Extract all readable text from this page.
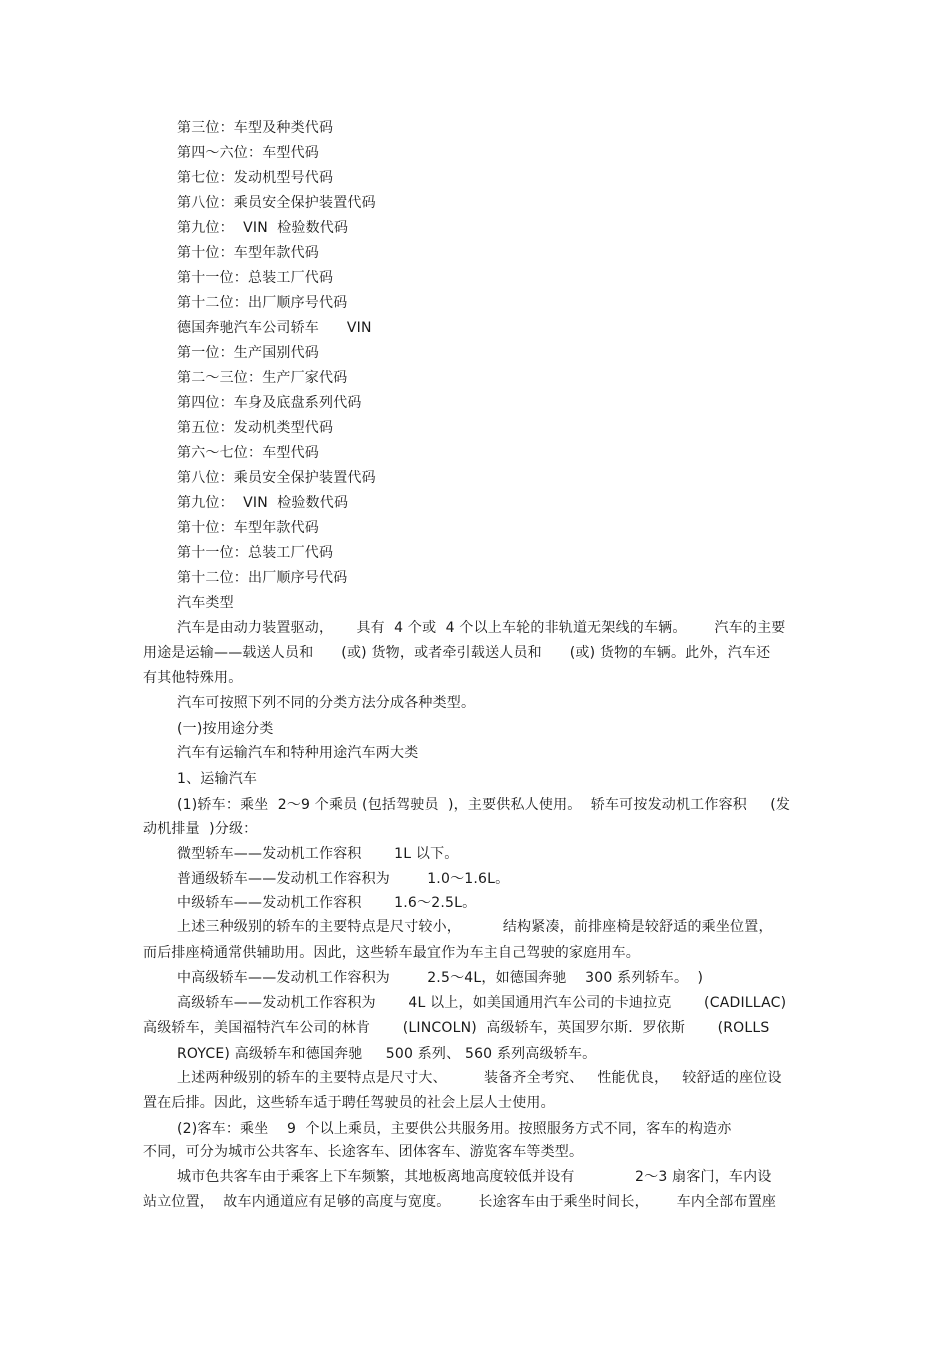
第三位：车型及种类代码
第四～六位：车型代码
第七位：发动机型号代码
第八位：乘员安全保护装置代码
第九位：  VIN  检验数代码
第十位：车型年款代码
第十一位：总装工厂代码
第十二位：出厂顺序号代码
德国奔驰汽车公司轿车      VIN
第一位：生产国别代码
第二～三位：生产厂家代码
第四位：车身及底盘系列代码
第五位：发动机类型代码
第六～七位：车型代码
第八位：乘员安全保护装置代码
第九位：  VIN  检验数代码
第十位：车型年款代码
第十一位：总装工厂代码
第十二位：出厂顺序号代码
汽车类型
汽车是由动力装置驱动，     具有  4 个或  4 个以上车轮的非轨道无架线的车辆。      汽车的主要
用途是运输——载送人员和      (或) 货物，或者牵引载送人员和      (或) 货物的车辆。此外，汽车还
有其他特殊用。
汽车可按照下列不同的分类方法分成各种类型。
(一)按用途分类
汽车有运输汽车和特种用途汽车两大类
1、运输汽车
(1)轿车：乘坐  2～9 个乘员 (包括驾驶员  )，主要供私人使用。  轿车可按发动机工作容积     (发
动机排量  )分级：
微型轿车——发动机工作容积       1L 以下。
普通级轿车——发动机工作容积为        1.0～1.6L。
中级轿车——发动机工作容积       1.6～2.5L。
上述三种级别的轿车的主要特点是尺寸较小，         结构紧凑，前排座椅是较舒适的乘坐位置，
而后排座椅通常供辅助用。因此，这些轿车最宜作为车主自己驾驶的家庭用车。
中高级轿车——发动机工作容积为        2.5～4L，如德国奔驰    300 系列轿车。  )
高级轿车——发动机工作容积为       4L 以上，如美国通用汽车公司的卡迪拉克       (CADILLAC)
高级轿车，美国福特汽车公司的林肯       (LINCOLN)  高级轿车，英国罗尔斯．罗依斯       (ROLLS
ROYCE) 高级轿车和德国奔驰     500 系列、 560 系列高级轿车。
上述两种级别的轿车的主要特点是尺寸大、        装备齐全考究、   性能优良，   较舒适的座位设
置在后排。因此，这些轿车适于聘任驾驶员的社会上层人士使用。
(2)客车：乘坐    9  个以上乘员，主要供公共服务用。按照服务方式不同，客车的构造亦
不同，可分为城市公共客车、长途客车、团体客车、游览客车等类型。
城市色共客车由于乘客上下车频繁，其地板离地高度较低并设有             2～3 扇客门，车内设
站立位置，  故车内通道应有足够的高度与宽度。      长途客车由于乘坐时间长，      车内全部布置座
